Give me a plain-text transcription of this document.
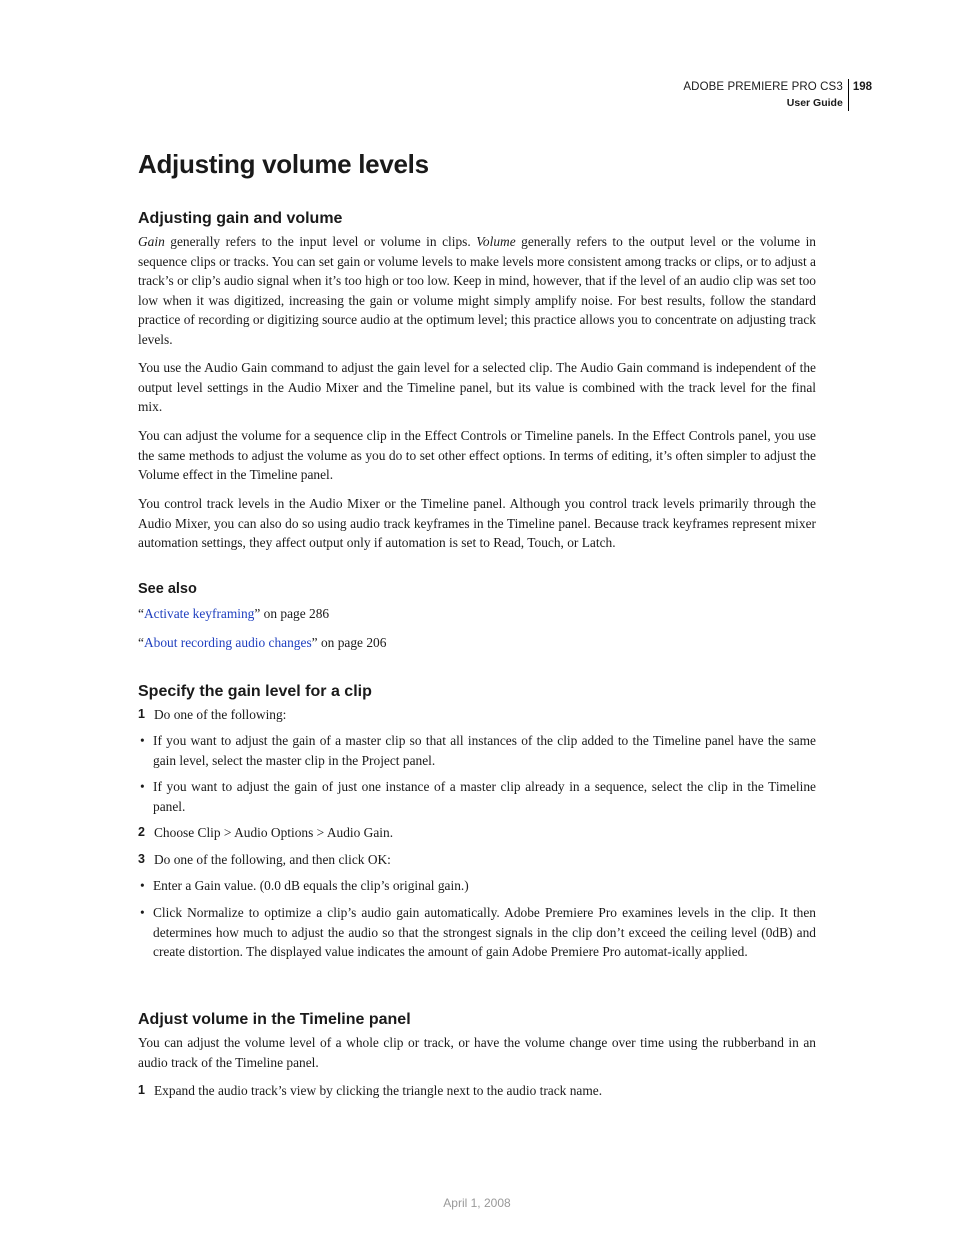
ADOBE PREMIERE PRO CS3
User Guide
198
Adjusting volume levels
Adjusting gain and volume

Gain generally refers to the input level or volume in clips. Volume generally refers to the output level or the volume in sequence clips or tracks. You can set gain or volume levels to make levels more consistent among tracks or clips, or to adjust a track’s or clip’s audio signal when it’s too high or too low. Keep in mind, however, that if the level of an audio clip was set too low when it was digitized, increasing the gain or volume might simply amplify noise. For best results, follow the standard practice of recording or digitizing source audio at the optimum level; this practice allows you to concentrate on adjusting track levels.

You use the Audio Gain command to adjust the gain level for a selected clip. The Audio Gain command is independent of the output level settings in the Audio Mixer and the Timeline panel, but its value is combined with the track level for the final mix.

You can adjust the volume for a sequence clip in the Effect Controls or Timeline panels. In the Effect Controls panel, you use the same methods to adjust the volume as you do to set other effect options. In terms of editing, it’s often simpler to adjust the Volume effect in the Timeline panel.

You control track levels in the Audio Mixer or the Timeline panel. Although you control track levels primarily through the Audio Mixer, you can also do so using audio track keyframes in the Timeline panel. Because track keyframes represent mixer automation settings, they affect output only if automation is set to Read, Touch, or Latch.

See also

“Activate keyframing” on page 286

“About recording audio changes” on page 206

Specify the gain level for a clip
1 Do one of the following:
• If you want to adjust the gain of a master clip so that all instances of the clip added to the Timeline panel have the same gain level, select the master clip in the Project panel.
• If you want to adjust the gain of just one instance of a master clip already in a sequence, select the clip in the Timeline panel.
2 Choose Clip > Audio Options > Audio Gain.
3 Do one of the following, and then click OK:
• Enter a Gain value. (0.0 dB equals the clip’s original gain.)
• Click Normalize to optimize a clip’s audio gain automatically. Adobe Premiere Pro examines levels in the clip. It then determines how much to adjust the audio so that the strongest signals in the clip don’t exceed the ceiling level (0dB) and create distortion. The displayed value indicates the amount of gain Adobe Premiere Pro automat-ically applied.
Adjust volume in the Timeline panel

You can adjust the volume level of a whole clip or track, or have the volume change over time using the rubberband in an audio track of the Timeline panel.

1 Expand the audio track’s view by clicking the triangle next to the audio track name.
April 1, 2008
